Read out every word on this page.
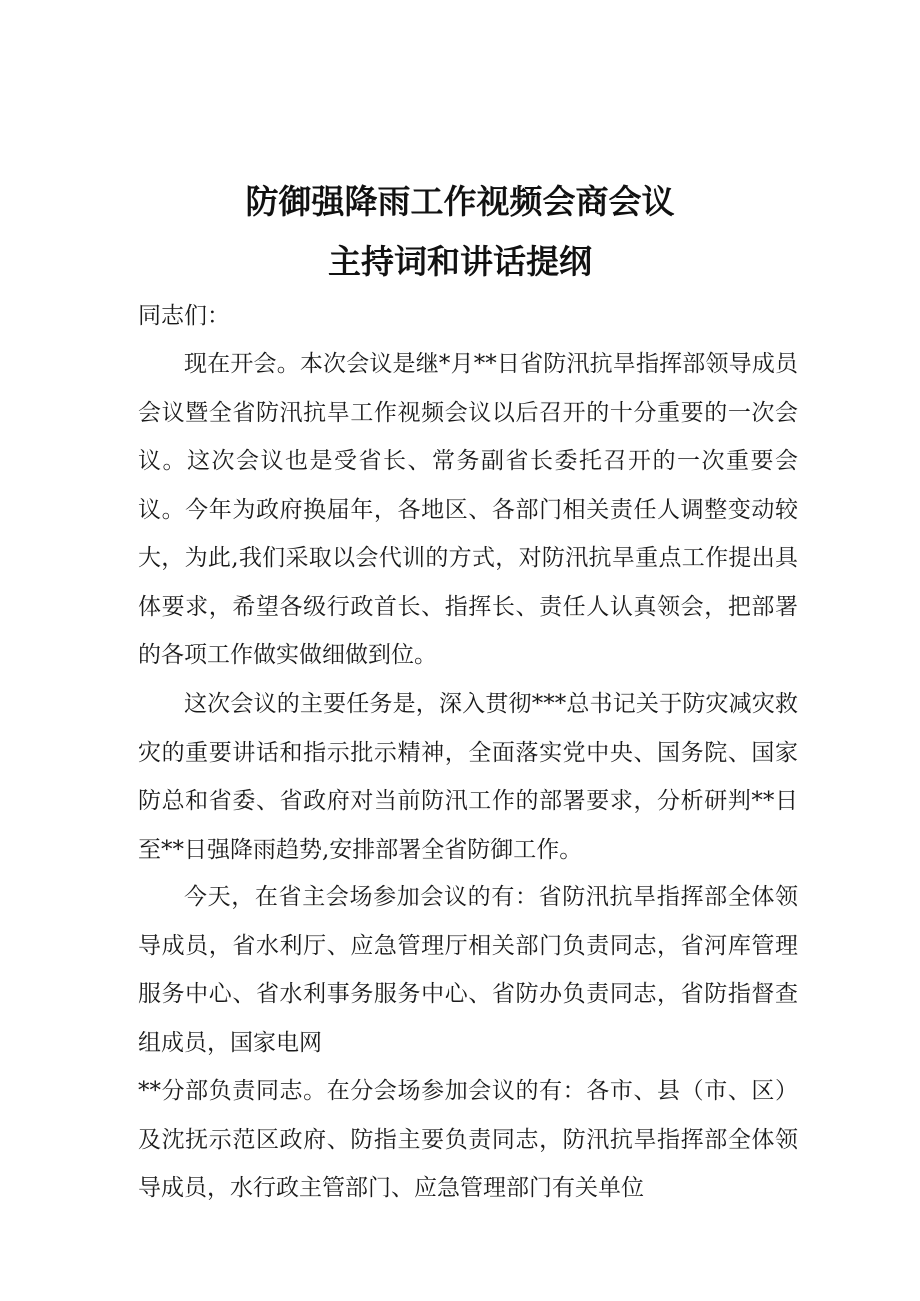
防御强降雨工作视频会商会议
主持词和讲话提纲

同志们：

现在开会。本次会议是继*月**日省防汛抗旱指挥部领导成员会议暨全省防汛抗旱工作视频会议以后召开的十分重要的一次会议。这次会议也是受省长、常务副省长委托召开的一次重要会议。今年为政府换届年，各地区、各部门相关责任人调整变动较大，为此,我们采取以会代训的方式，对防汛抗旱重点工作提出具体要求，希望各级行政首长、指挥长、责任人认真领会，把部署的各项工作做实做细做到位。

这次会议的主要任务是，深入贯彻***总书记关于防灾减灾救灾的重要讲话和指示批示精神，全面落实党中央、国务院、国家防总和省委、省政府对当前防汛工作的部署要求，分析研判**日至**日强降雨趋势,安排部署全省防御工作。

今天，在省主会场参加会议的有：省防汛抗旱指挥部全体领导成员，省水利厅、应急管理厅相关部门负责同志，省河库管理服务中心、省水利事务服务中心、省防办负责同志，省防指督查组成员，国家电网

**分部负责同志。在分会场参加会议的有：各市、县（市、区）及沈抚示范区政府、防指主要负责同志，防汛抗旱指挥部全体领导成员，水行政主管部门、应急管理部门有关单位
